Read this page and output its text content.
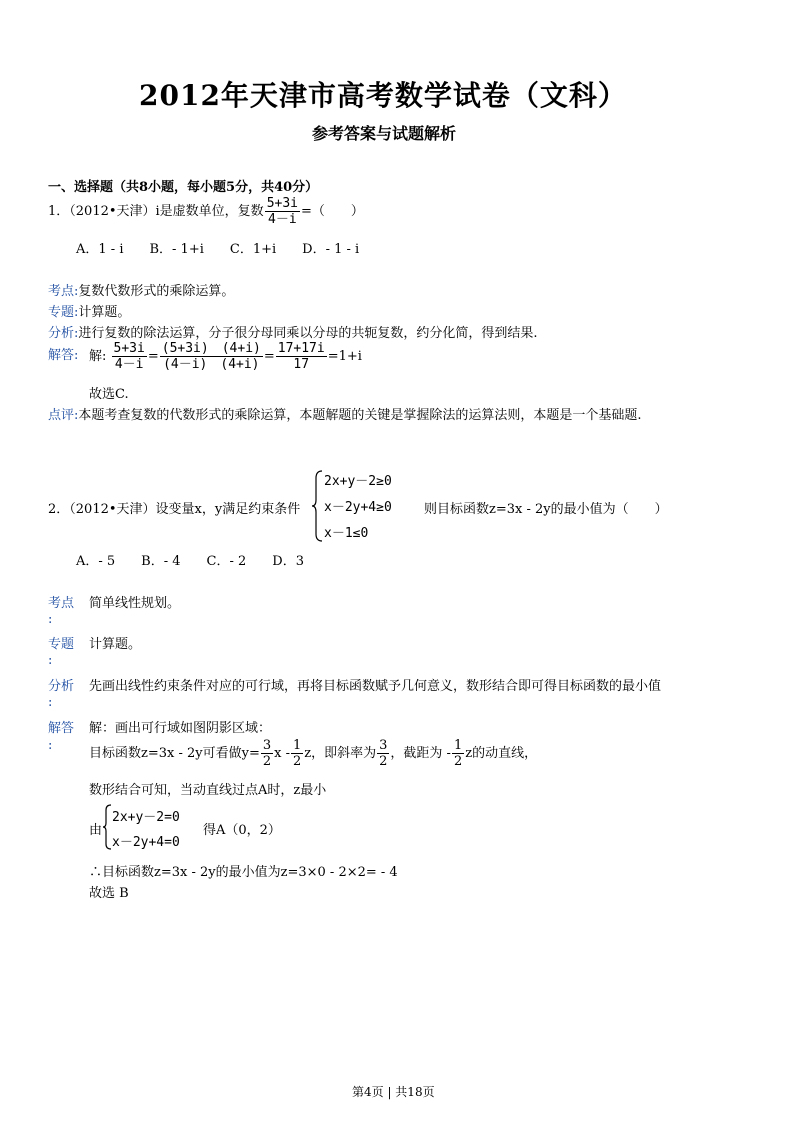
2012年天津市高考数学试卷（文科）
参考答案与试题解析
一、选择题（共8小题，每小题5分，共40分）
1．（2012•天津）i是虚数单位，复数 $\frac{5+3i}{4-i}$ =（　　）
A．1 - i　　B．- 1+i　　C．1+i　　D．- 1 - i
考点:复数代数形式的乘除运算。
专题:计算题。
分析:进行复数的除法运算，分子很分母同乘以分母的共轭复数，约分化简，得到结果.
解答: 解: $\frac{5+3i}{4-i} = \frac{(5+3i) (4+i)}{(4-i) (4+i)} = \frac{17+17i}{17} =1+i$
故选C.
点评:本题考查复数的代数形式的乘除运算，本题解题的关键是掌握除法的运算法则，本题是一个基础题.
2．（2012•天津）设变量x，y满足约束条件
2x+y－2≥0
x－2y+4≥0
x－1≤0
则目标函数z=3x - 2y的最小值为（　　）
A．- 5　　B．- 4　　C．- 2　　D．3
考点 简单线性规划。
:
专题 计算题。
:
分析 先画出线性约束条件对应的可行域，再将目标函数赋予几何意义，数形结合即可得目标函数的最小值
:
解答
:
解：画出可行域如图阴影区域：
目标函数z=3x - 2y可看做$y= \frac{3}{2}$ x - $\frac{1}{2}$ z，即斜率为 $\frac{3}{2}$ ，截距为 - $\frac{1}{2}$ z的动直线，
数形结合可知，当动直线过点A时，z最小
由
2x+y－2=0
x－2y+4=0
得A（0，2）
∴目标函数z=3x - 2y的最小值为z=3×0 - 2×2= - 4
故选 B
第4页 | 共18页
